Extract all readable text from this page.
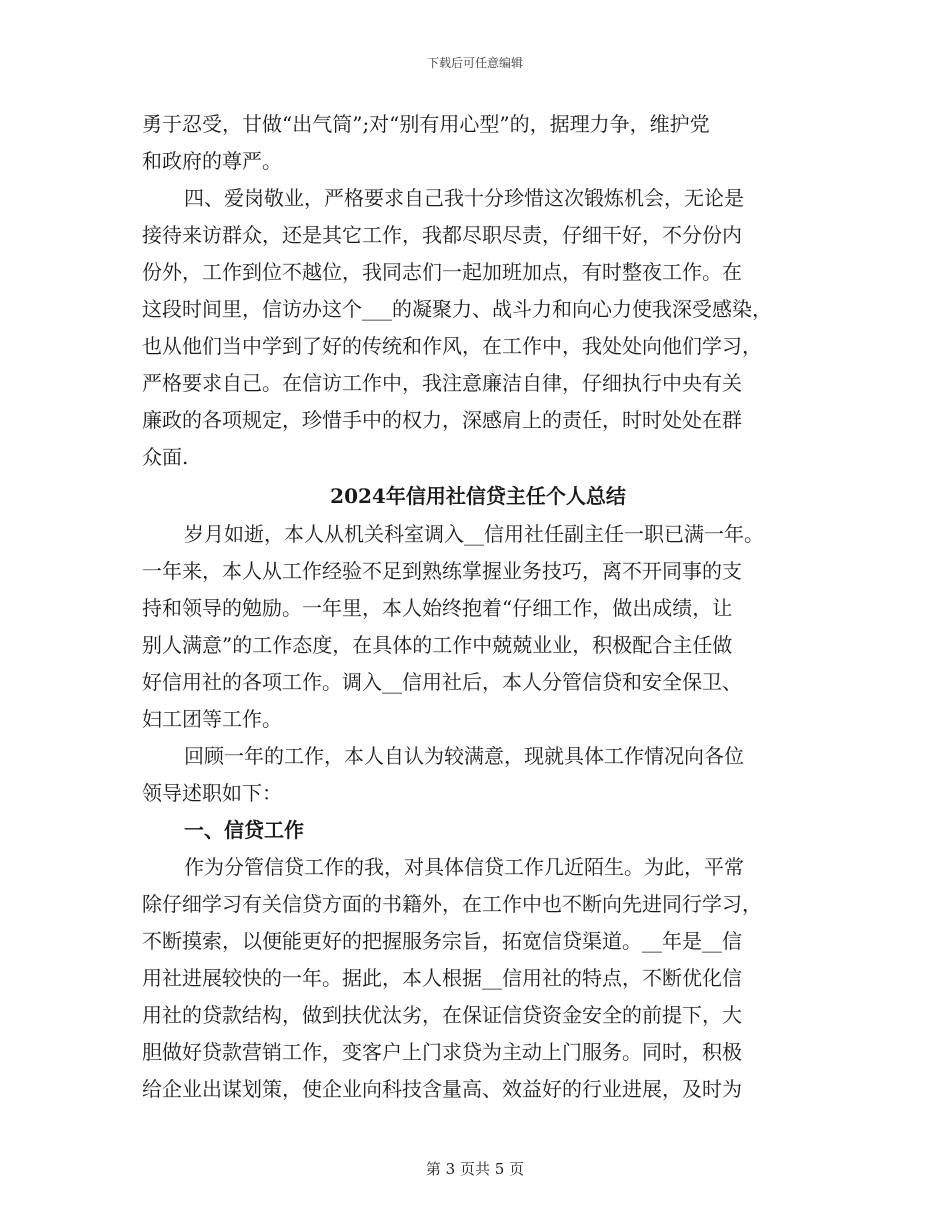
下载后可任意编辑
勇于忍受，甘做“出气筒”;对“别有用心型”的，据理力争，维护党
和政府的尊严。
四、爱岗敬业，严格要求自己我十分珍惜这次锻炼机会，无论是
接待来访群众，还是其它工作，我都尽职尽责，仔细干好，不分份内
份外，工作到位不越位，我同志们一起加班加点，有时整夜工作。在
这段时间里，信访办这个___的凝聚力、战斗力和向心力使我深受感染，
也从他们当中学到了好的传统和作风，在工作中，我处处向他们学习，
严格要求自己。在信访工作中，我注意廉洁自律，仔细执行中央有关
廉政的各项规定，珍惜手中的权力，深感肩上的责任，时时处处在群
众面.
2024年信用社信贷主任个人总结
岁月如逝，本人从机关科室调入__信用社任副主任一职已满一年。
一年来，本人从工作经验不足到熟练掌握业务技巧，离不开同事的支
持和领导的勉励。一年里，本人始终抱着“仔细工作，做出成绩，让
别人满意”的工作态度，在具体的工作中兢兢业业，积极配合主任做
好信用社的各项工作。调入__信用社后，本人分管信贷和安全保卫、
妇工团等工作。
回顾一年的工作，本人自认为较满意，现就具体工作情况向各位
领导述职如下：
一、信贷工作
作为分管信贷工作的我，对具体信贷工作几近陌生。为此，平常
除仔细学习有关信贷方面的书籍外，在工作中也不断向先进同行学习，
不断摸索，以便能更好的把握服务宗旨，拓宽信贷渠道。__年是__信
用社进展较快的一年。据此，本人根据__信用社的特点，不断优化信
用社的贷款结构，做到扶优汰劣，在保证信贷资金安全的前提下，大
胆做好贷款营销工作，变客户上门求贷为主动上门服务。同时，积极
给企业出谋划策，使企业向科技含量高、效益好的行业进展，及时为
第 3 页共 5 页
